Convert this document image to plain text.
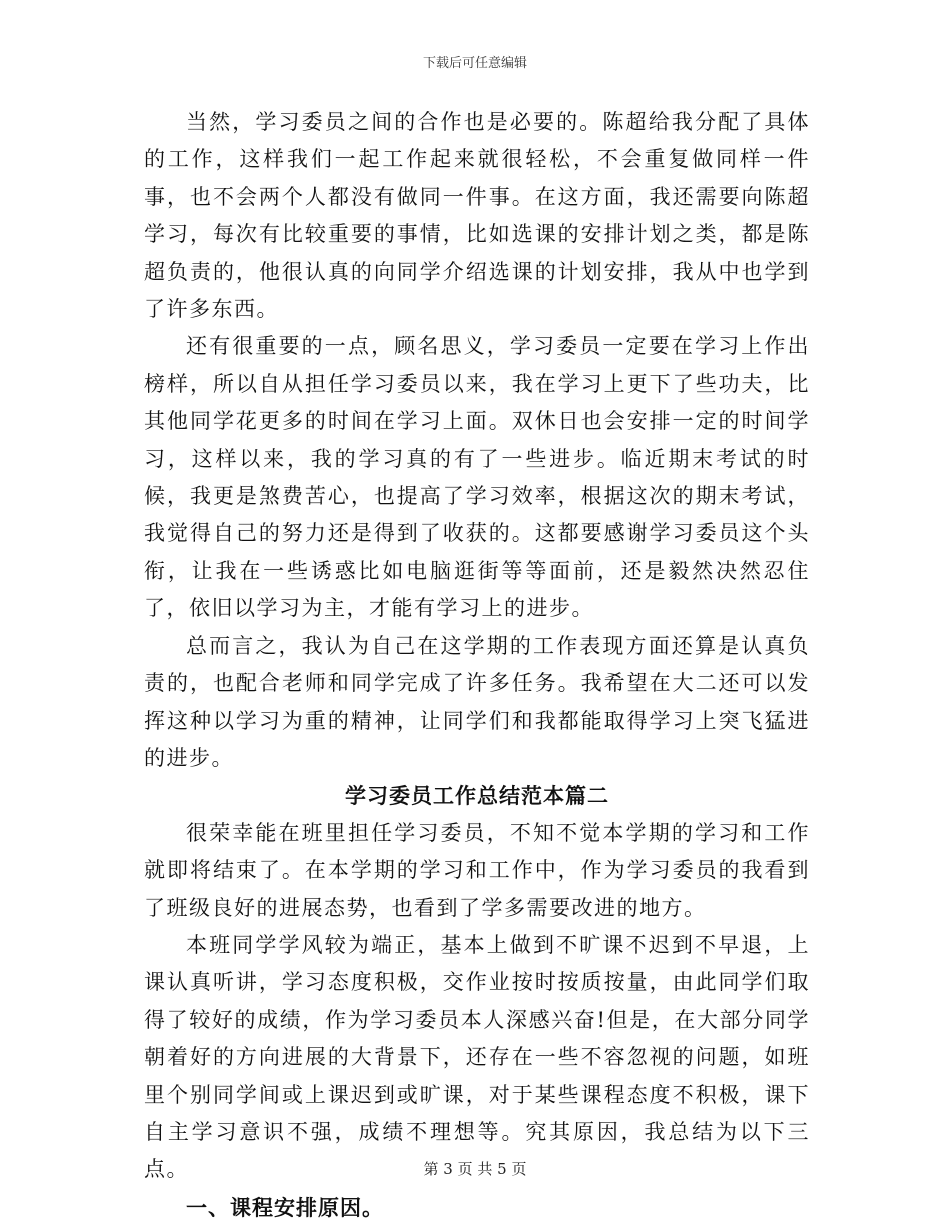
下载后可任意编辑

当然，学习委员之间的合作也是必要的。陈超给我分配了具体的工作，这样我们一起工作起来就很轻松，不会重复做同样一件事，也不会两个人都没有做同一件事。在这方面，我还需要向陈超学习，每次有比较重要的事情，比如选课的安排计划之类，都是陈超负责的，他很认真的向同学介绍选课的计划安排，我从中也学到了许多东西。

还有很重要的一点，顾名思义，学习委员一定要在学习上作出榜样，所以自从担任学习委员以来，我在学习上更下了些功夫，比其他同学花更多的时间在学习上面。双休日也会安排一定的时间学习，这样以来，我的学习真的有了一些进步。临近期末考试的时候，我更是煞费苦心，也提高了学习效率，根据这次的期末考试，我觉得自己的努力还是得到了收获的。这都要感谢学习委员这个头衔，让我在一些诱惑比如电脑逛街等等面前，还是毅然决然忍住了，依旧以学习为主，才能有学习上的进步。

总而言之，我认为自己在这学期的工作表现方面还算是认真负责的，也配合老师和同学完成了许多任务。我希望在大二还可以发挥这种以学习为重的精神，让同学们和我都能取得学习上突飞猛进的进步。

学习委员工作总结范本篇二

很荣幸能在班里担任学习委员，不知不觉本学期的学习和工作就即将结束了。在本学期的学习和工作中，作为学习委员的我看到了班级良好的进展态势，也看到了学多需要改进的地方。

本班同学学风较为端正，基本上做到不旷课不迟到不早退，上课认真听讲，学习态度积极，交作业按时按质按量，由此同学们取得了较好的成绩，作为学习委员本人深感兴奋!但是，在大部分同学朝着好的方向进展的大背景下，还存在一些不容忽视的问题，如班里个别同学间或上课迟到或旷课，对于某些课程态度不积极，课下自主学习意识不强，成绩不理想等。究其原因，我总结为以下三点。

一、课程安排原因。

第 3 页 共 5 页
